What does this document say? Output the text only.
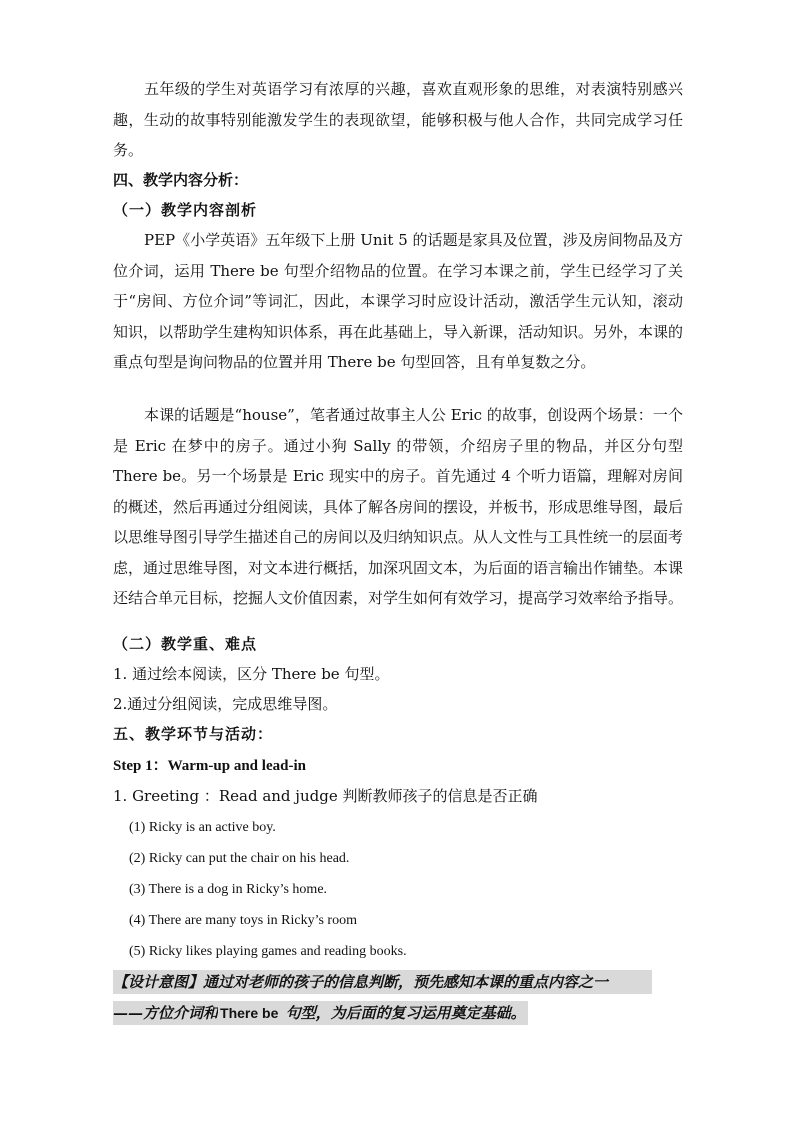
五年级的学生对英语学习有浓厚的兴趣，喜欢直观形象的思维，对表演特别感兴趣，生动的故事特别能激发学生的表现欲望，能够积极与他人合作，共同完成学习任务。

四、教学内容分析：

（一）教学内容剖析

PEP《小学英语》五年级下上册 Unit 5 的话题是家具及位置，涉及房间物品及方位介词，运用 There be 句型介绍物品的位置。在学习本课之前，学生已经学习了关于“房间、方位介词”等词汇，因此，本课学习时应设计活动，激活学生元认知，滚动知识，以帮助学生建构知识体系，再在此基础上，导入新课，活动知识。另外，本课的重点句型是询问物品的位置并用 There be 句型回答，且有单复数之分。

本课的话题是“house”，笔者通过故事主人公 Eric 的故事，创设两个场景：一个是 Eric 在梦中的房子。通过小狗 Sally 的带领，介绍房子里的物品，并区分句型 There be。另一个场景是 Eric 现实中的房子。首先通过 4 个听力语篇，理解对房间的概述，然后再通过分组阅读，具体了解各房间的摆设，并板书，形成思维导图，最后以思维导图引导学生描述自己的房间以及归纳知识点。从人文性与工具性统一的层面考虑，通过思维导图，对文本进行概括，加深巩固文本，为后面的语言输出作铺垫。本课还结合单元目标，挖掘人文价值因素，对学生如何有效学习，提高学习效率给予指导。

（二）教学重、难点

1. 通过绘本阅读，区分 There be 句型。

2.通过分组阅读，完成思维导图。

五、教学环节与活动：

Step 1：Warm-up and lead-in

1. Greeting ：Read and judge 判断教师孩子的信息是否正确

(1) Ricky is an active boy.

(2) Ricky can put the chair on his head.

(3) There is a dog in Ricky’s home.

(4) There are many toys in Ricky’s room

(5) Ricky likes playing games and reading books.

【设计意图】通过对老师的孩子的信息判断，预先感知本课的重点内容之一
——方位介词和 There be 句型，为后面的复习运用奠定基础。
